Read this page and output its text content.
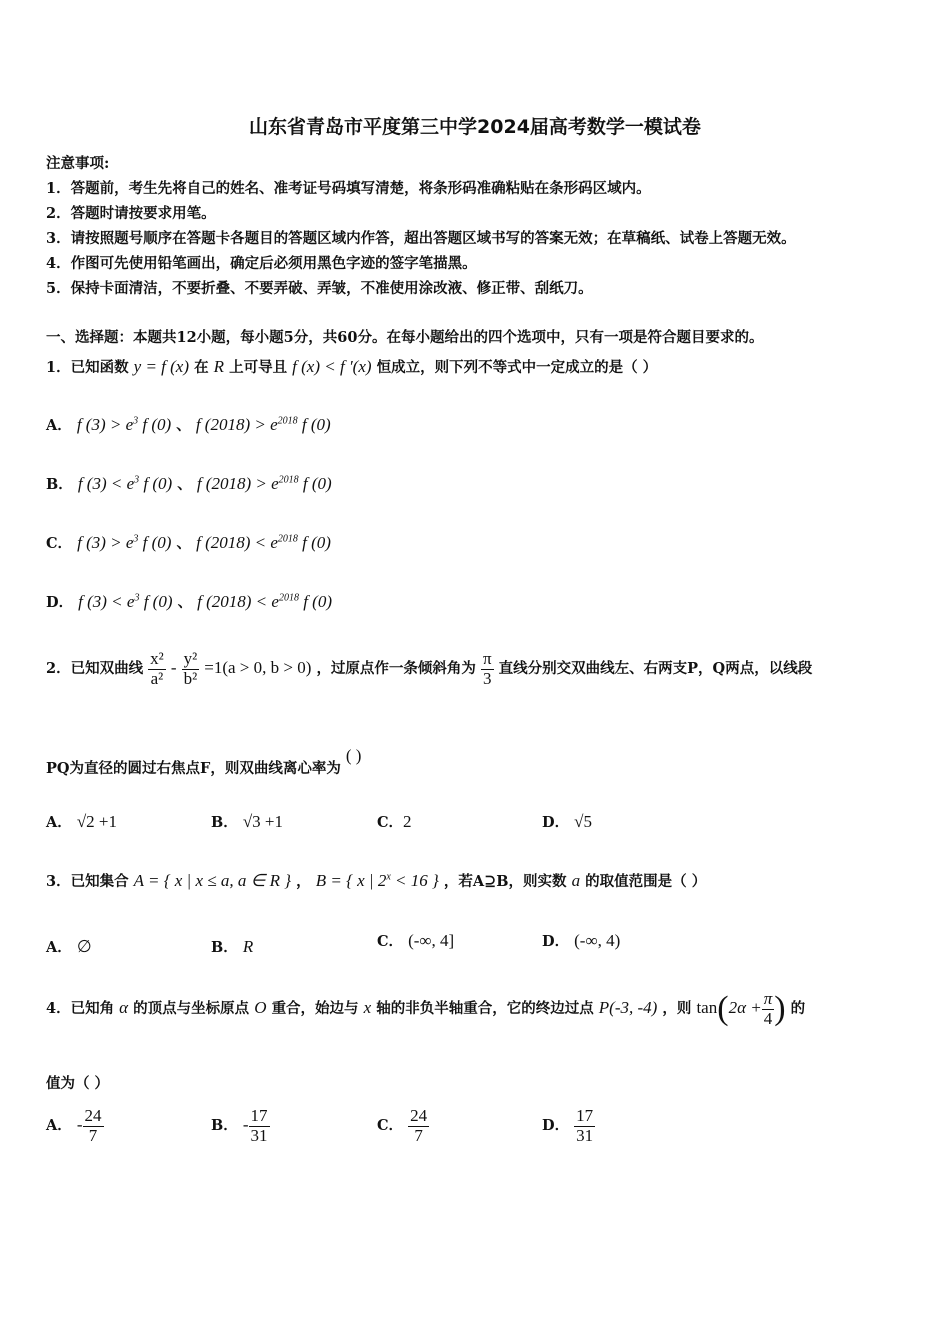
山东省青岛市平度第三中学2024届高考数学一模试卷
注意事项:
1．答题前，考生先将自己的姓名、准考证号码填写清楚，将条形码准确粘贴在条形码区域内。
2．答题时请按要求用笔。
3．请按照题号顺序在答题卡各题目的答题区域内作答，超出答题区域书写的答案无效；在草稿纸、试卷上答题无效。
4．作图可先使用铅笔画出，确定后必须用黑色字迹的签字笔描黑。
5．保持卡面清洁，不要折叠、不要弄破、弄皱，不准使用涂改液、修正带、刮纸刀。
一、选择题：本题共12小题，每小题5分，共60分。在每小题给出的四个选项中，只有一项是符合题目要求的。
1．已知函数 y = f (x) 在 R 上可导且 f (x) < f ′(x) 恒成立，则下列不等式中一定成立的是（ ）
A． f $(3) > e^3$ f (0) 、 f $(2018) > e^{2018}$ f (0)
B． f $(3) < e^3$ f (0) 、 f $(2018) > e^{2018}$ f (0)
C． f $(3) > e^3$ f (0) 、 f $(2018) < e^{2018}$ f (0)
D． f $(3) < e^3$ f (0) 、 f $(2018) < e^{2018}$ f (0)
2．已知双曲线 $\frac{\text{x²}}{\text{a²}} - \frac{\text{y²}}{\text{b²}} =1(a > 0$, b > 0) ，过原点作一条倾斜角为 $\frac{\pi}{3}$ 直线分别交双曲线左、右两支P，Q两点，以线段
PQ为直径的圆过右焦点F，则双曲线离心率为 ( )
A． √2 +1	B． √3 +1	C．2	D． √5
3．已知集合 A = { x | x ≤ a, a ∈ R } ， B = { x | $2^x < 16$ } ，若A⊇B，则实数 a 的取值范围是（ ）
A． ∅	B． R	C． (-∞, 4]	D． (-∞, 4)
4．已知角 α 的顶点与坐标原点 O 重合，始边与 x 轴的非负半轴重合，它的终边过点 P(-3, -4) ，则 $\tan(2\alpha + \frac{\pi}{4}$ ) 的
值为（ ）
A． - $\frac{24}{7}$	B． - $\frac{17}{31}$	C． $\frac{24}{7}$	D． $\frac{17}{31}$
